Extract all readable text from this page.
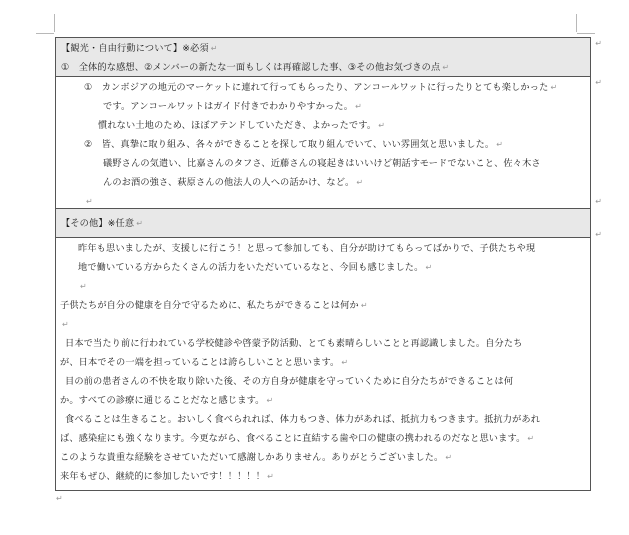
【観光・自由行動について】※必須 ↵
①　全体的な感想、②メンバーの新たな一面もしくは再確認した事、③その他お気づきの点 ↵
↵
①　カンボジアの地元のマーケットに連れて行ってもらったり、アンコールワットに行ったりとても楽しかった ↵
です。アンコールワットはガイド付きでわかりやすかった。 ↵
慣れない土地のため、ほぼアテンドしていただき、よかったです。 ↵
②　皆、真摯に取り組み、各々ができることを探して取り組んでいて、いい雰囲気と思いました。 ↵
礒野さんの気遣い、比嘉さんのタフさ、近藤さんの寝起きはいいけど朝話すモードでないこと、佐々木さ
んのお酒の強さ、萩原さんの他法人の人への話かけ、など。 ↵
↵
↵
【その他】※任意 ↵
↵
昨年も思いましたが、支援しに行こう！と思って参加しても、自分が助けてもらってばかりで、子供たちや現
地で働いている方からたくさんの活力をいただいているなと、今回も感じました。 ↵
↵
子供たちが自分の健康を自分で守るために、私たちができることは何か ↵
↵
日本で当たり前に行われている学校健診や啓蒙予防活動、とても素晴らしいことと再認識しました。自分たち
が、日本でその一端を担っていることは誇らしいことと思います。 ↵
目の前の患者さんの不快を取り除いた後、その方自身が健康を守っていくために自分たちができることは何
か。すべての診療に通じることだなと感じます。 ↵
食べることは生きること。おいしく食べられれば、体力もつき、体力があれば、抵抗力もつきます。抵抗力があれ
ば、感染症にも強くなります。今更ながら、食べることに直結する歯や口の健康の携われるのだなと思います。 ↵
このような貴重な経験をさせていただいて感謝しかありません。ありがとうございました。 ↵
来年もぜひ、継続的に参加したいです！！！！！ ↵
↵
↵
